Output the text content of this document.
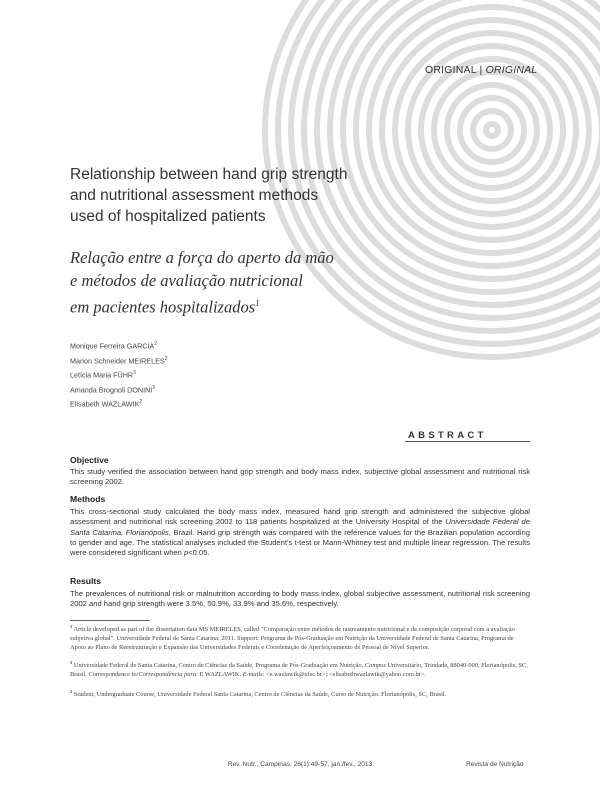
ORIGINAL | ORIGINAL
Relationship between hand grip strength
and nutritional assessment methods
used of hospitalized patients
Relação entre a força do aperto da mão
e métodos de avaliação nutricional
em pacientes hospitalizados$^1$
Monique Ferreira GARCIA$^2$
Marion Schneider MEIRELES$^2$
Letícia Maria FÜHR$^3$
Amanda Brognoli DONINI$^3$
Elisabeth WAZLAWIK$^2$
ABSTRACT
Objective
This study verified the association between hand grip strength and body mass index, subjective global assessment and nutritional risk screening 2002.
Methods
This cross-sectional study calculated the body mass index, measured hand grip strength and administered the subjective global assessment and nutritional risk screening 2002 to 118 patients hospitalized at the University Hospital of the Universidade Federal de Santa Catarina, Florianópolis, Brazil. Hand grip strength was compared with the reference values for the Brazilian population according to gender and age. The statistical analyses included the Student's t-test or Mann-Whitney test and multiple linear regression. The results were considered significant when p<0.05.
Results
The prevalences of nutritional risk or malnutrition according to body mass index, global subjective assessment, nutritional risk screening 2002 and hand grip strength were 3.5%, 50.9%, 33.9% and 35.6%, respectively.
$^1$ Article developed as part of the dissertation data MS MEIRELES, called "Comparação entre métodos de rastreamento nutricional e de composição corporal com a avaliação subjetiva global". Universidade Federal de Santa Catarina; 2011. Support: Programa de Pós-Graduação em Nutrição da Universidade Federal de Santa Catarina, Programa de Apoio ao Plano de Reestruturação e Expansão das Universidades Federais e Coordenação de Aperfeiçoamento de Pessoal de Nível Superior.
$^2$ Universidade Federal de Santa Catarina, Centro de Ciências da Saúde, Programa de Pós-Graduação em Nutrição. Campus Universitário, Trindade, 88040-900, Florianópolis, SC, Brasil. Correspondence to/Correspondência para: E WAZLAWIK. E-mails: <e.wazlawik@ufsc.br>; <elisabethwazlawik@yahoo.com.br>.
$^3$ Student, Undergraduate Course, Universidade Federal Santa Catarina, Centro de Ciências da Saúde, Curso de Nutrição. Florianópolis, SC, Brasil.
Rev. Nutr., Campinas, 26(1):49-57, jan./fev., 2013	Revista de Nutrição
